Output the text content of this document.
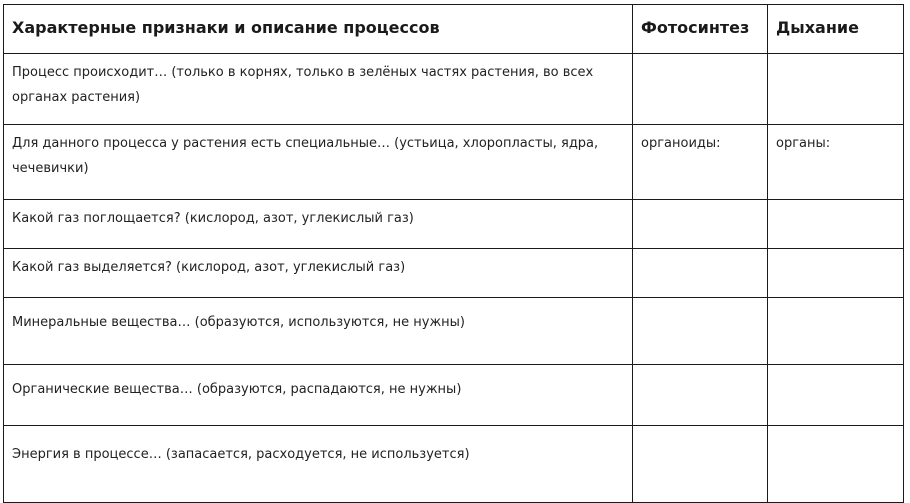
Характерные признаки и описание процессов	Фотосинтез	Дыхание
Процесс происходит… (только в корнях, только в зелёных частях растения, во всех органах растения)		
Для данного процесса у растения есть специальные… (устьица, хлоропласты, ядра, чечевички)	органоиды:	органы:
Какой газ поглощается? (кислород, азот, углекислый газ)		
Какой газ выделяется? (кислород, азот, углекислый газ)		
Минеральные вещества… (образуются, используются, не нужны)		
Органические вещества… (образуются, распадаются, не нужны)		
Энергия в процессе… (запасается, расходуется, не используется)		
